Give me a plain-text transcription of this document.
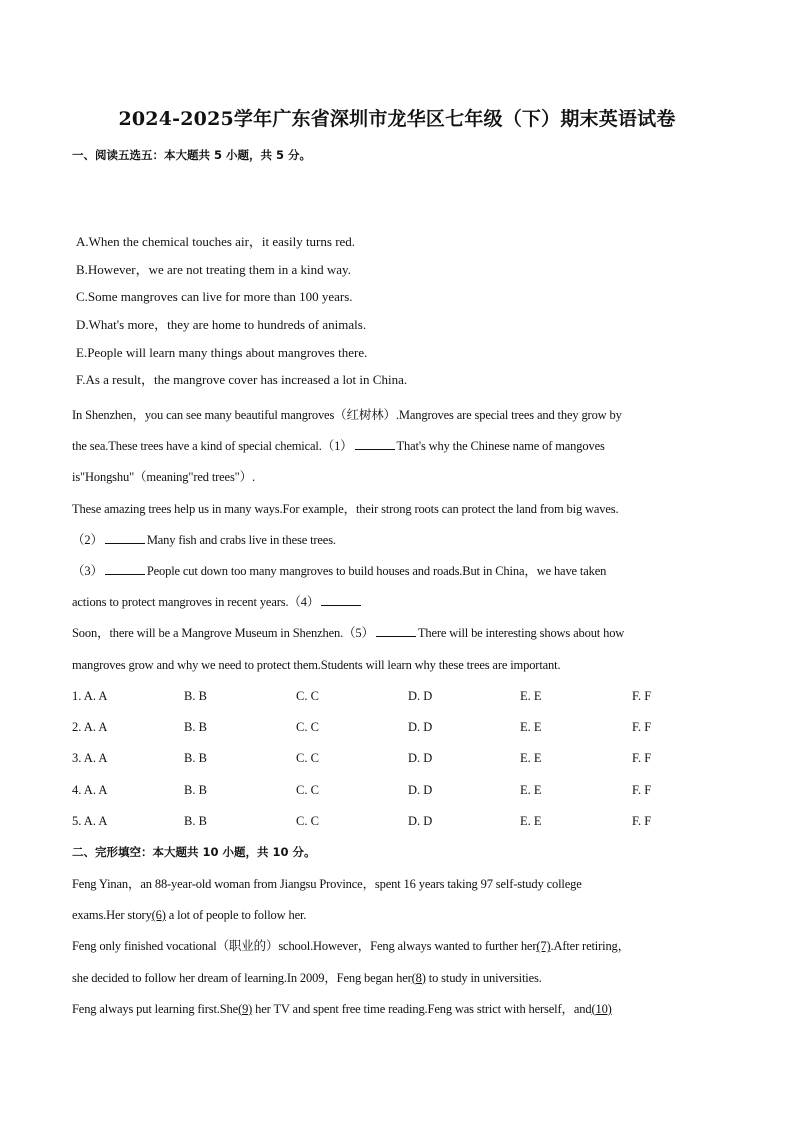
2024-2025学年广东省深圳市龙华区七年级（下）期末英语试卷
一、阅读五选五：本大题共 5 小题，共 5 分。
A.When the chemical touches air，it easily turns red.
B.However，we are not treating them in a kind way.
C.Some mangroves can live for more than 100 years.
D.What's more，they are home to hundreds of animals.
E.People will learn many things about mangroves there.
F.As a result，the mangrove cover has increased a lot in China.
In Shenzhen，you can see many beautiful mangroves（红树林）.Mangroves are special trees and they grow by
the sea.These trees have a kind of special chemical.（1）	That's why the Chinese name of mangoves
is"Hongshu"（meaning"red trees"）.
These amazing trees help us in many ways.For example，their strong roots can protect the land from big waves.
（2）	Many fish and crabs live in these trees.
（3）	People cut down too many mangroves to build houses and roads.But in China，we have taken
actions to protect mangroves in recent years.（4）
Soon，there will be a Mangrove Museum in Shenzhen.（5）	There will be interesting shows about how
mangroves grow and why we need to protect them.Students will learn why these trees are important.
1. A. A	B. B	C. C	D. D	E. E	F. F
2. A. A	B. B	C. C	D. D	E. E	F. F
3. A. A	B. B	C. C	D. D	E. E	F. F
4. A. A	B. B	C. C	D. D	E. E	F. F
5. A. A	B. B	C. C	D. D	E. E	F. F
二、完形填空：本大题共 10 小题，共 10 分。
Feng Yinan，an 88-year-old woman from Jiangsu Province，spent 16 years taking 97 self-study college
exams.Her story(6) a lot of people to follow her.
Feng only finished vocational（职业的）school.However，Feng always wanted to further her(7).After retiring，
she decided to follow her dream of learning.In 2009，Feng began her(8) to study in universities.
Feng always put learning first.She(9) her TV and spent free time reading.Feng was strict with herself，and(10)
